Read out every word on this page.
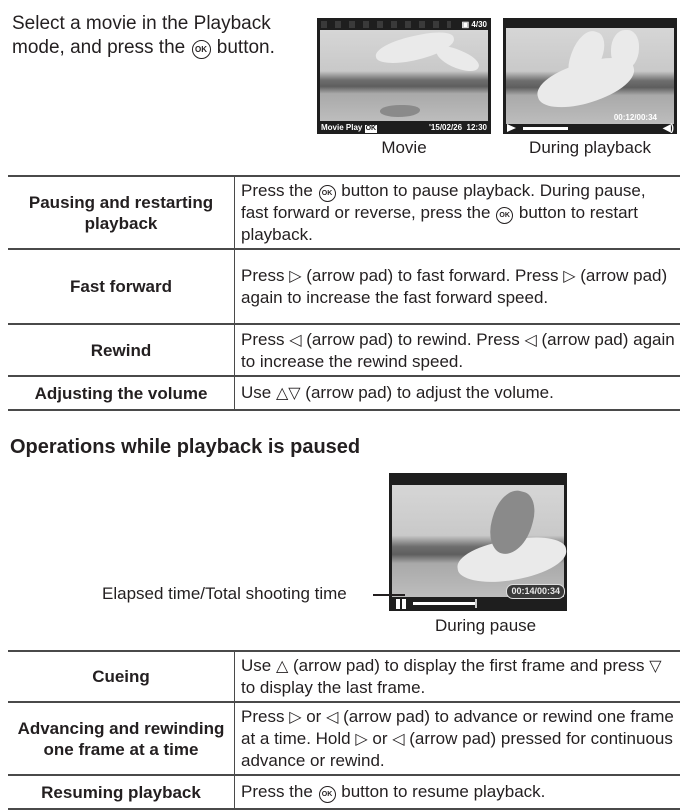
Select a movie in the Playback mode, and press the OK button.
▣ 4/30
Movie Play OK	'15/02/26 12:30
Movie
00:12/00:34
◀)
During playback
Pausing and restarting playback	Press the OK button to pause playback. During pause, fast forward or reverse, press the OK button to restart playback.
Fast forward	Press ▷ (arrow pad) to fast forward. Press ▷ (arrow pad) again to increase the fast forward speed.
Rewind	Press ◁ (arrow pad) to rewind. Press ◁ (arrow pad) again to increase the rewind speed.
Adjusting the volume	Use △▽ (arrow pad) to adjust the volume.
Operations while playback is paused
00:14/00:34
Elapsed time/Total shooting time
During pause
Cueing	Use △ (arrow pad) to display the first frame and press ▽ to display the last frame.
Advancing and rewinding one frame at a time	Press ▷ or ◁ (arrow pad) to advance or rewind one frame at a time. Hold ▷ or ◁ (arrow pad) pressed for continuous advance or rewind.
Resuming playback	Press the OK button to resume playback.
